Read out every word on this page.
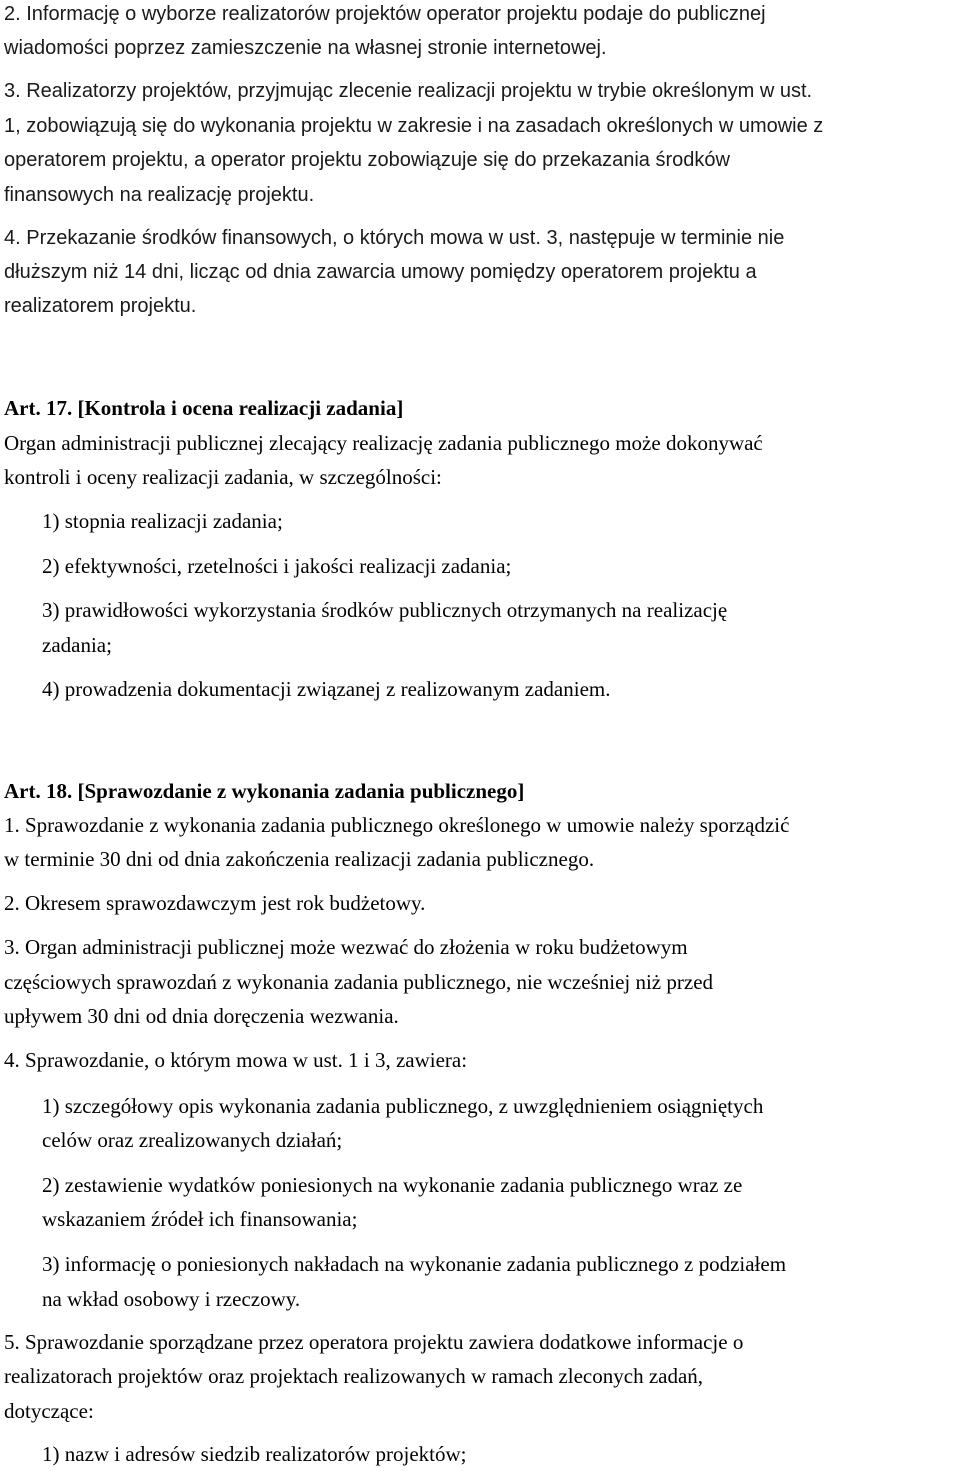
2. Informację o wyborze realizatorów projektów operator projektu podaje do publicznej

wiadomości poprzez zamieszczenie na własnej stronie internetowej.

3. Realizatorzy projektów, przyjmując zlecenie realizacji projektu w trybie określonym w ust.

1, zobowiązują się do wykonania projektu w zakresie i na zasadach określonych w umowie z

operatorem projektu, a operator projektu zobowiązuje się do przekazania środków

finansowych na realizację projektu.

4. Przekazanie środków finansowych, o których mowa w ust. 3, następuje w terminie nie

dłuższym niż 14 dni, licząc od dnia zawarcia umowy pomiędzy operatorem projektu a

realizatorem projektu.

Art. 17. [Kontrola i ocena realizacji zadania]

Organ administracji publicznej zlecający realizację zadania publicznego może dokonywać

kontroli i oceny realizacji zadania, w szczególności:

1) stopnia realizacji zadania;

2) efektywności, rzetelności i jakości realizacji zadania;

3) prawidłowości wykorzystania środków publicznych otrzymanych na realizację

zadania;

4) prowadzenia dokumentacji związanej z realizowanym zadaniem.

Art. 18. [Sprawozdanie z wykonania zadania publicznego]

1. Sprawozdanie z wykonania zadania publicznego określonego w umowie należy sporządzić

w terminie 30 dni od dnia zakończenia realizacji zadania publicznego.

2. Okresem sprawozdawczym jest rok budżetowy.

3. Organ administracji publicznej może wezwać do złożenia w roku budżetowym

częściowych sprawozdań z wykonania zadania publicznego, nie wcześniej niż przed

upływem 30 dni od dnia doręczenia wezwania.

4. Sprawozdanie, o którym mowa w ust. 1 i 3, zawiera:

1) szczegółowy opis wykonania zadania publicznego, z uwzględnieniem osiągniętych

celów oraz zrealizowanych działań;

2) zestawienie wydatków poniesionych na wykonanie zadania publicznego wraz ze

wskazaniem źródeł ich finansowania;

3) informację o poniesionych nakładach na wykonanie zadania publicznego z podziałem

na wkład osobowy i rzeczowy.

5. Sprawozdanie sporządzane przez operatora projektu zawiera dodatkowe informacje o

realizatorach projektów oraz projektach realizowanych w ramach zleconych zadań,

dotyczące:

1) nazw i adresów siedzib realizatorów projektów;
